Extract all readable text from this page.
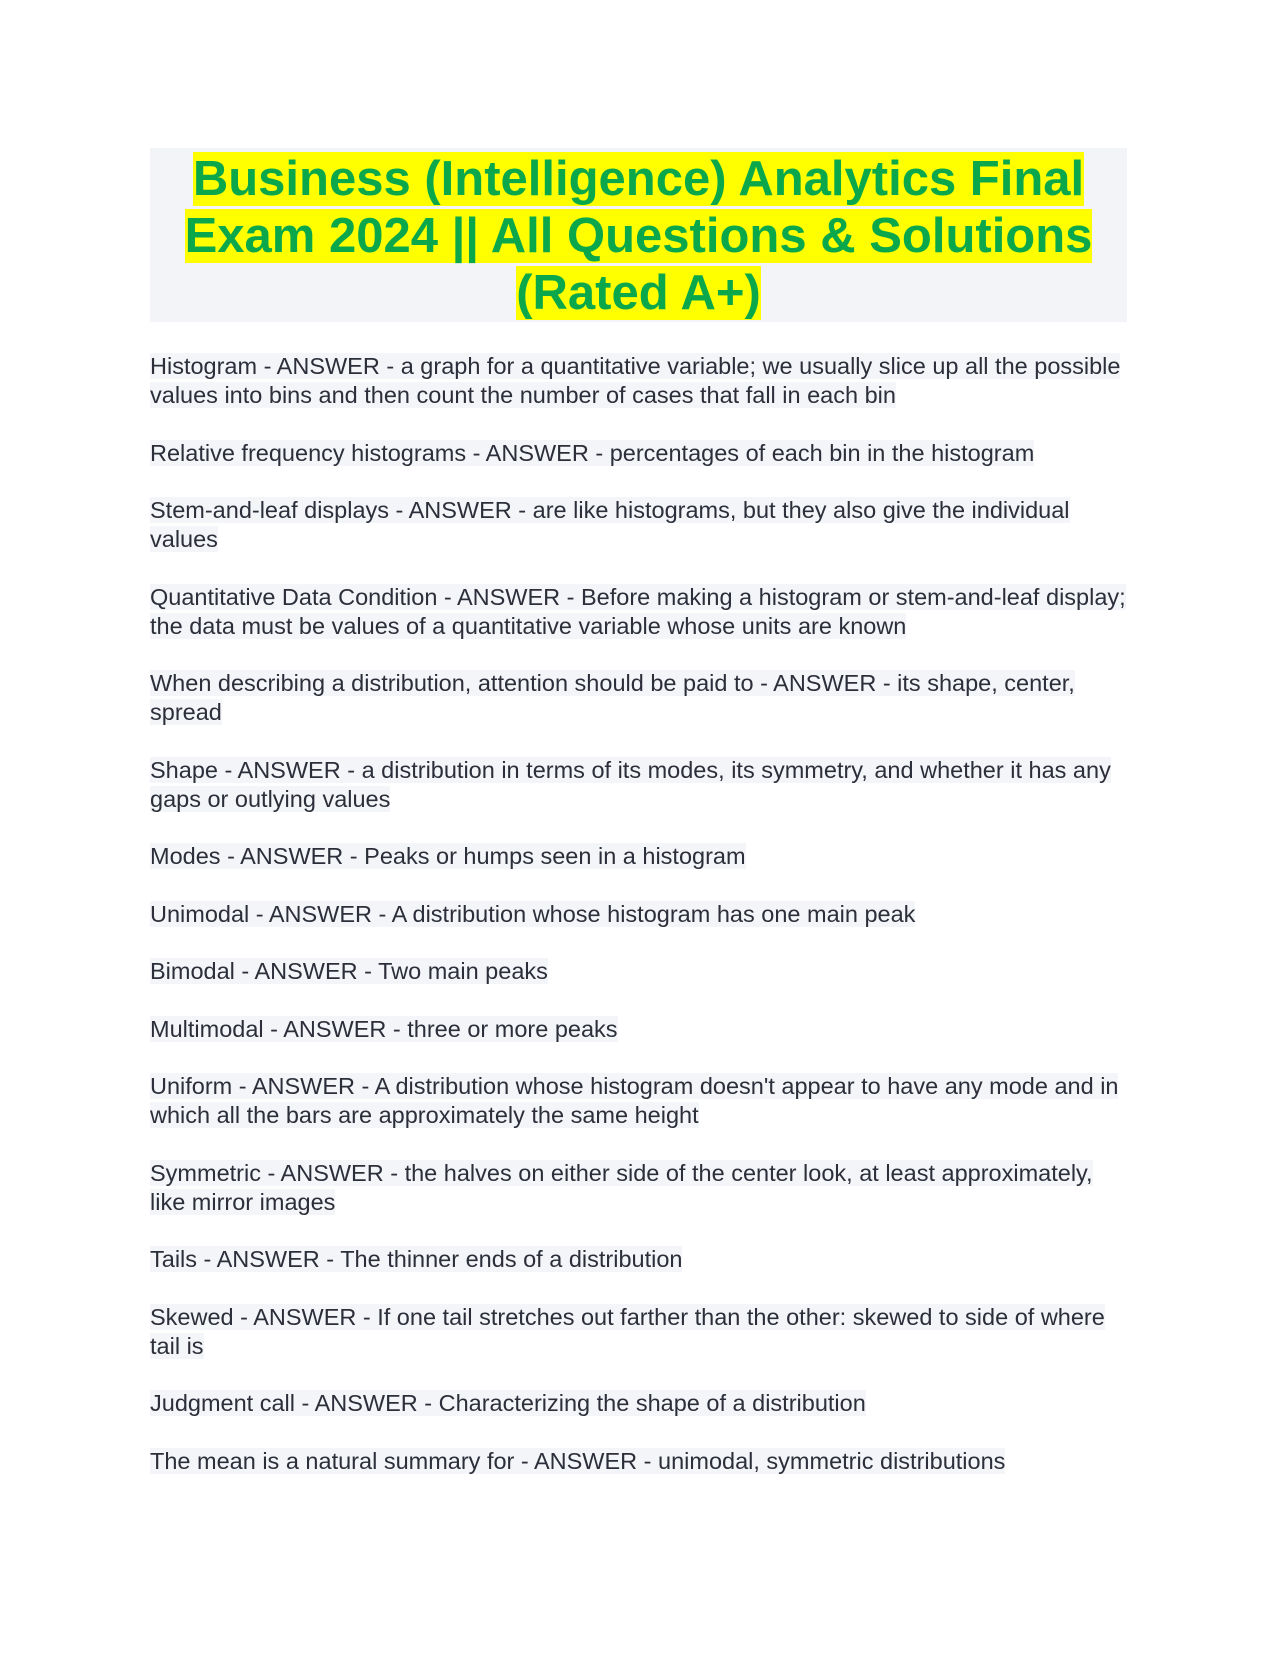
Business (Intelligence) Analytics Final Exam 2024 || All Questions & Solutions (Rated A+)
Histogram - ANSWER - a graph for a quantitative variable; we usually slice up all the possible values into bins and then count the number of cases that fall in each bin
Relative frequency histograms - ANSWER - percentages of each bin in the histogram
Stem-and-leaf displays - ANSWER - are like histograms, but they also give the individual values
Quantitative Data Condition - ANSWER - Before making a histogram or stem-and-leaf display; the data must be values of a quantitative variable whose units are known
When describing a distribution, attention should be paid to - ANSWER - its shape, center, spread
Shape - ANSWER - a distribution in terms of its modes, its symmetry, and whether it has any gaps or outlying values
Modes - ANSWER - Peaks or humps seen in a histogram
Unimodal - ANSWER - A distribution whose histogram has one main peak
Bimodal - ANSWER - Two main peaks
Multimodal - ANSWER - three or more peaks
Uniform - ANSWER - A distribution whose histogram doesn't appear to have any mode and in which all the bars are approximately the same height
Symmetric - ANSWER - the halves on either side of the center look, at least approximately, like mirror images
Tails - ANSWER - The thinner ends of a distribution
Skewed - ANSWER - If one tail stretches out farther than the other: skewed to side of where tail is
Judgment call - ANSWER - Characterizing the shape of a distribution
The mean is a natural summary for - ANSWER - unimodal, symmetric distributions
